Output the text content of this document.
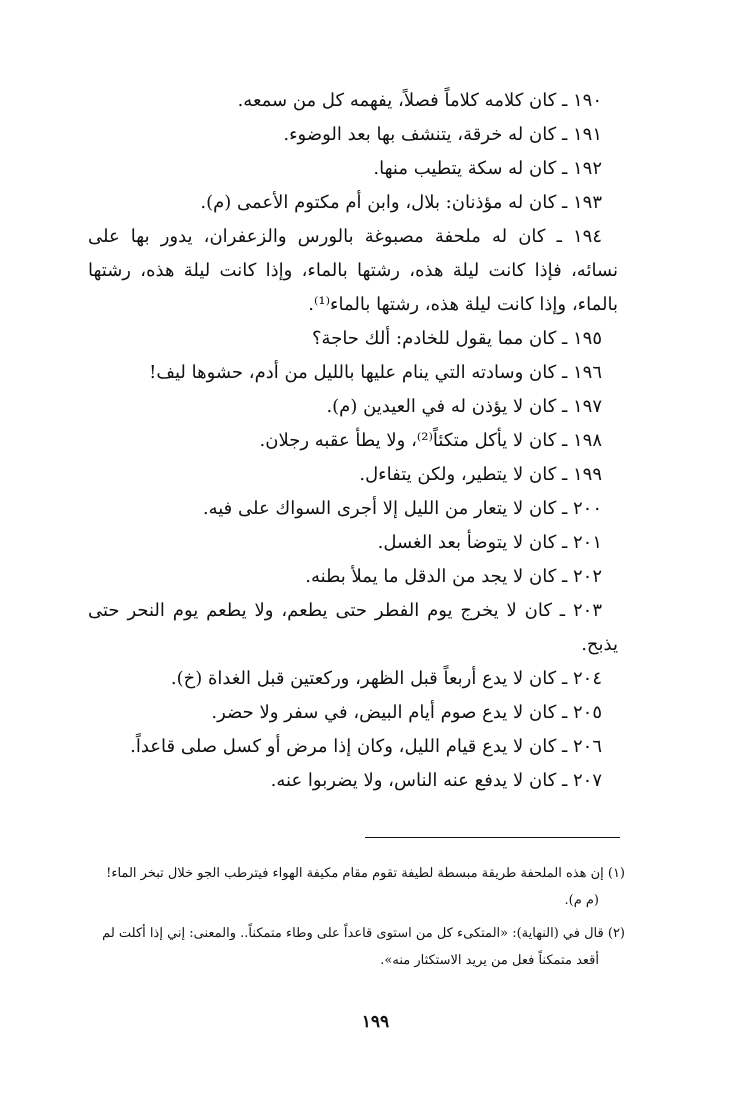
١٩٠ ـ كان كلامه كلاماً فصلاً، يفهمه كل من سمعه.
١٩١ ـ كان له خرقة، يتنشف بها بعد الوضوء.
١٩٢ ـ كان له سكة يتطيب منها.
١٩٣ ـ كان له مؤذنان: بلال، وابن أم مكتوم الأعمى (م).
١٩٤ ـ كان له ملحفة مصبوغة بالورس والزعفران، يدور بها على
نسائه، فإذا كانت ليلة هذه، رشتها بالماء، وإذا كانت ليلة هذه، رشتها
بالماء، وإذا كانت ليلة هذه، رشتها بالماء⁽¹⁾.
١٩٥ ـ كان مما يقول للخادم: ألك حاجة؟
١٩٦ ـ كان وسادته التي ينام عليها بالليل من أدم، حشوها ليف!
١٩٧ ـ كان لا يؤذن له في العيدين (م).
١٩٨ ـ كان لا يأكل متكئاً⁽²⁾، ولا يطأ عقبه رجلان.
١٩٩ ـ كان لا يتطير، ولكن يتفاءل.
٢٠٠ ـ كان لا يتعار من الليل إلا أجرى السواك على فيه.
٢٠١ ـ كان لا يتوضأ بعد الغسل.
٢٠٢ ـ كان لا يجد من الدقل ما يملأ بطنه.
٢٠٣ ـ كان لا يخرج يوم الفطر حتى يطعم، ولا يطعم يوم النحر حتى
يذبح.
٢٠٤ ـ كان لا يدع أربعاً قبل الظهر، وركعتين قبل الغداة (خ).
٢٠٥ ـ كان لا يدع صوم أيام البيض، في سفر ولا حضر.
٢٠٦ ـ كان لا يدع قيام الليل، وكان إذا مرض أو كسل صلى قاعداً.
٢٠٧ ـ كان لا يدفع عنه الناس، ولا يضربوا عنه.
(١) إن هذه الملحفة طريقة مبسطة لطيفة تقوم مقام مكيفة الهواء فيترطب الجو خلال تبخر الماء!
(م م).
(٢) قال في (النهاية): «المتكىء كل من استوى قاعداً على وطاء متمكناً.. والمعنى: إني إذا أكلت لم
أقعد متمكناً فعل من يريد الاستكثار منه».
١٩٩
